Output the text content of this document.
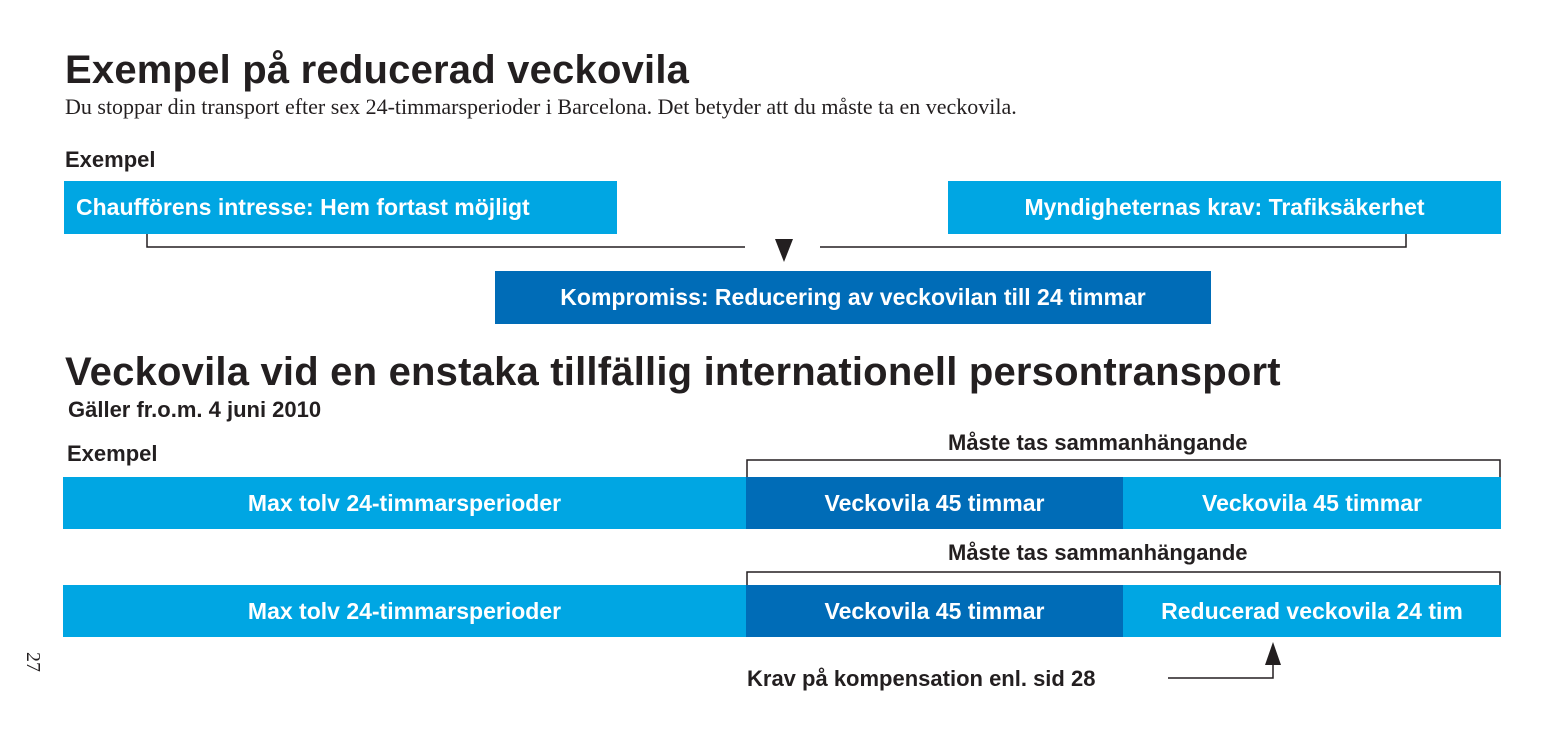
Exempel på reducerad veckovila
Du stoppar din transport efter sex 24-timmarsperioder i Barcelona. Det betyder att du måste ta en veckovila.
Exempel
Chaufförens intresse: Hem fortast möjligt	Myndigheternas krav: Trafiksäkerhet
Kompromiss: Reducering av veckovilan till 24 timmar
Veckovila vid en enstaka tillfällig internationell persontransport
Gäller fr.o.m. 4 juni 2010
Exempel	Måste tas sammanhängande
Max tolv 24-timmarsperioder	Veckovila 45 timmar	Veckovila 45 timmar
Måste tas sammanhängande
Max tolv 24-timmarsperioder	Veckovila 45 timmar	Reducerad veckovila 24 tim
Krav på kompensation enl. sid 28
27
